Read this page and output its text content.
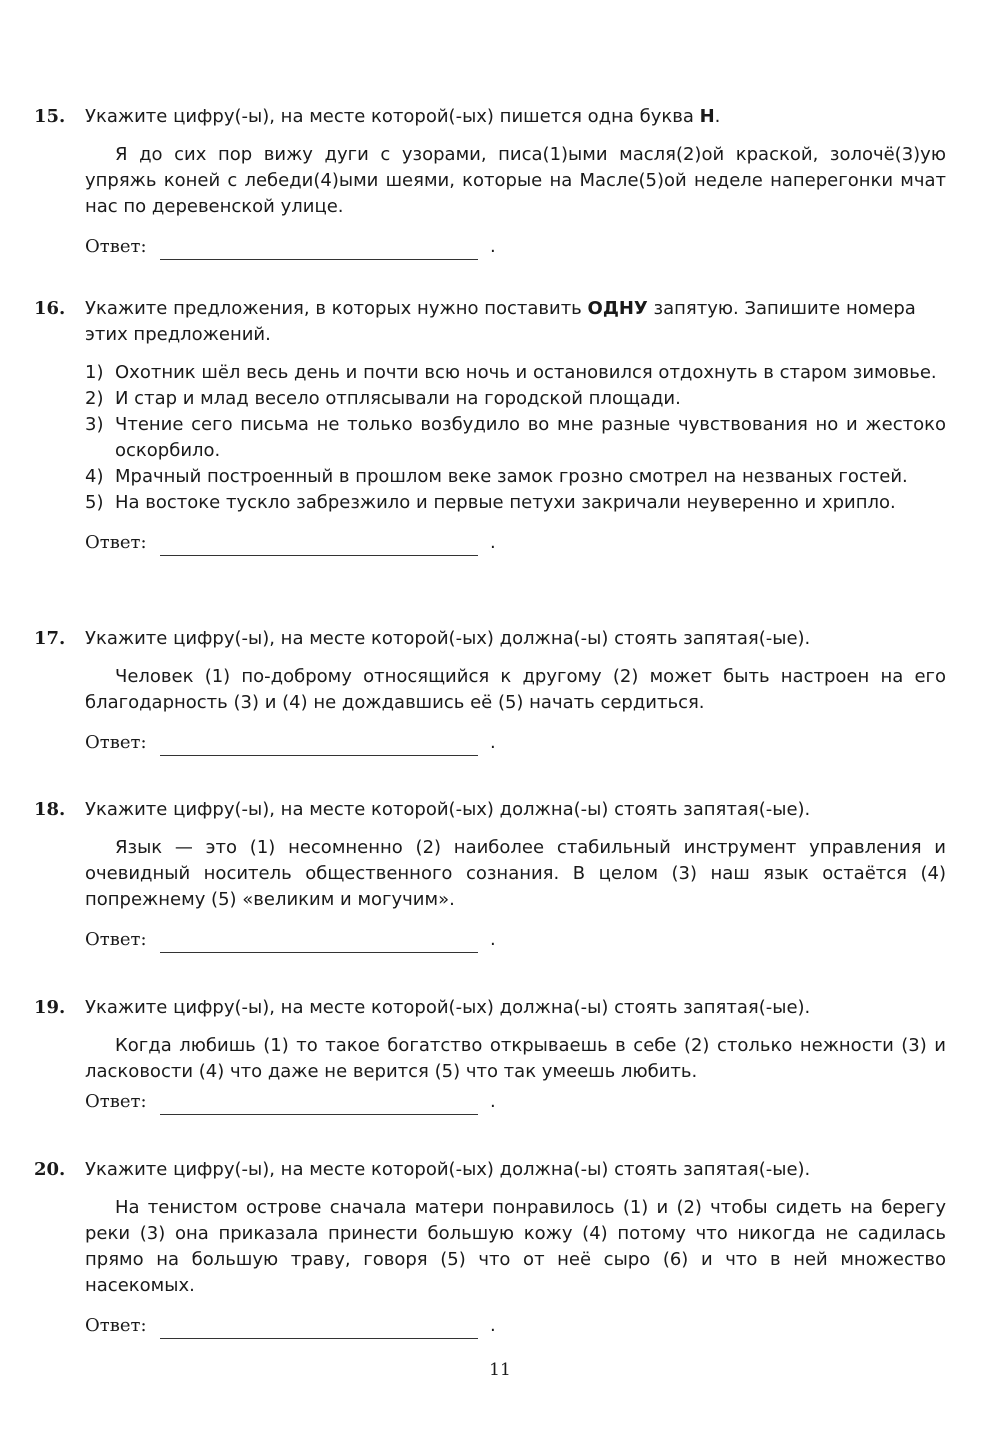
15. Укажите цифру(-ы), на месте которой(-ых) пишется одна буква Н.

Я до сих пор вижу дуги с узорами, писа(1)ыми масля(2)ой краской, золочё(3)ую упряжь коней с лебеди(4)ыми шеями, которые на Масле(5)ой неделе наперегонки мчат нас по деревенской улице.

Ответ:	.
16. Укажите предложения, в которых нужно поставить ОДНУ запятую. Запишите номера этих предложений.

1) Охотник шёл весь день и почти всю ночь и остановился отдохнуть в старом зимовье.
2) И стар и млад весело отплясывали на городской площади.
3) Чтение сего письма не только возбудило во мне разные чувствования но и жестоко оскорбило.
4) Мрачный построенный в прошлом веке замок грозно смотрел на незваных гостей.
5) На востоке тускло забрезжило и первые петухи закричали неуверенно и хрипло.
Ответ:	.
17. Укажите цифру(-ы), на месте которой(-ых) должна(-ы) стоять запятая(-ые).

Человек (1) по-доброму относящийся к другому (2) может быть настроен на его благодарность (3) и (4) не дождавшись её (5) начать сердиться.

Ответ:	.
18. Укажите цифру(-ы), на месте которой(-ых) должна(-ы) стоять запятая(-ые).

Язык — это (1) несомненно (2) наиболее стабильный инструмент управления и очевидный носитель общественного сознания. В целом (3) наш язык остаётся (4) попрежнему (5) «великим и могучим».

Ответ:	.
19. Укажите цифру(-ы), на месте которой(-ых) должна(-ы) стоять запятая(-ые).

Когда любишь (1) то такое богатство открываешь в себе (2) столько нежности (3) и ласковости (4) что даже не верится (5) что так умеешь любить.

Ответ:	.
20. Укажите цифру(-ы), на месте которой(-ых) должна(-ы) стоять запятая(-ые).

На тенистом острове сначала матери понравилось (1) и (2) чтобы сидеть на берегу реки (3) она приказала принести большую кожу (4) потому что никогда не садилась прямо на большую траву, говоря (5) что от неё сыро (6) и что в ней множество насекомых.

Ответ:	.
11
